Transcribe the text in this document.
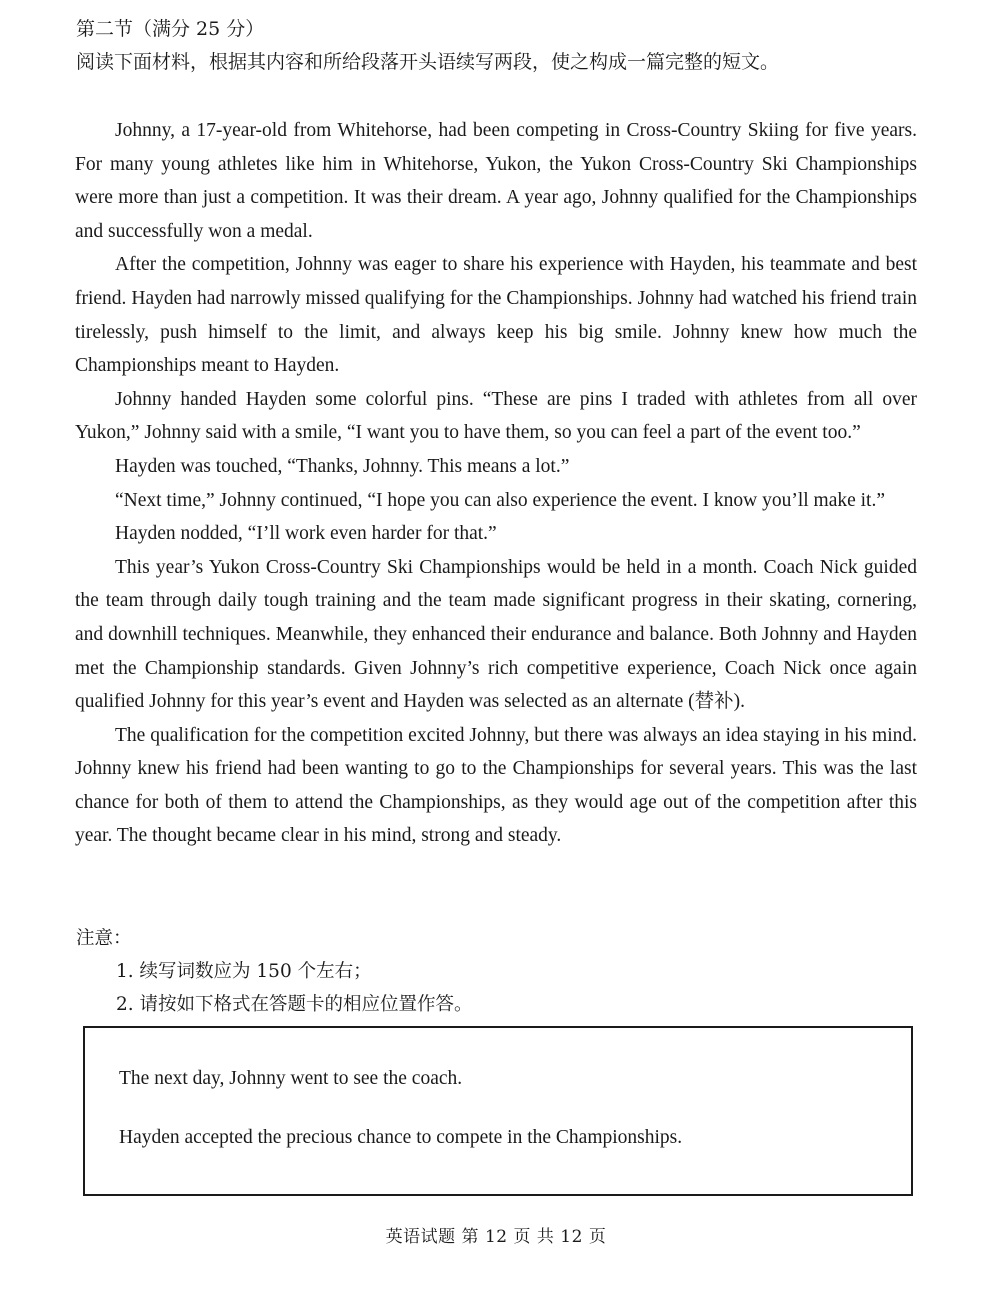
第二节（满分 25 分）
阅读下面材料，根据其内容和所给段落开头语续写两段，使之构成一篇完整的短文。

Johnny, a 17-year-old from Whitehorse, had been competing in Cross-Country Skiing for five years. For many young athletes like him in Whitehorse, Yukon, the Yukon Cross-Country Ski Championships were more than just a competition. It was their dream. A year ago, Johnny qualified for the Championships and successfully won a medal.

After the competition, Johnny was eager to share his experience with Hayden, his teammate and best friend. Hayden had narrowly missed qualifying for the Championships. Johnny had watched his friend train tirelessly, push himself to the limit, and always keep his big smile. Johnny knew how much the Championships meant to Hayden.

Johnny handed Hayden some colorful pins. “These are pins I traded with athletes from all over Yukon,” Johnny said with a smile, “I want you to have them, so you can feel a part of the event too.”

Hayden was touched, “Thanks, Johnny. This means a lot.”

“Next time,” Johnny continued, “I hope you can also experience the event. I know you’ll make it.”

Hayden nodded, “I’ll work even harder for that.”

This year’s Yukon Cross-Country Ski Championships would be held in a month. Coach Nick guided the team through daily tough training and the team made significant progress in their skating, cornering, and downhill techniques. Meanwhile, they enhanced their endurance and balance. Both Johnny and Hayden met the Championship standards. Given Johnny’s rich competitive experience, Coach Nick once again qualified Johnny for this year’s event and Hayden was selected as an alternate (替补).

The qualification for the competition excited Johnny, but there was always an idea staying in his mind. Johnny knew his friend had been wanting to go to the Championships for several years. This was the last chance for both of them to attend the Championships, as they would age out of the competition after this year. The thought became clear in his mind, strong and steady.

注意：
1. 续写词数应为 150 个左右；
2. 请按如下格式在答题卡的相应位置作答。
The next day, Johnny went to see the coach.
Hayden accepted the precious chance to compete in the Championships.
英语试题 第 12 页 共 12 页
